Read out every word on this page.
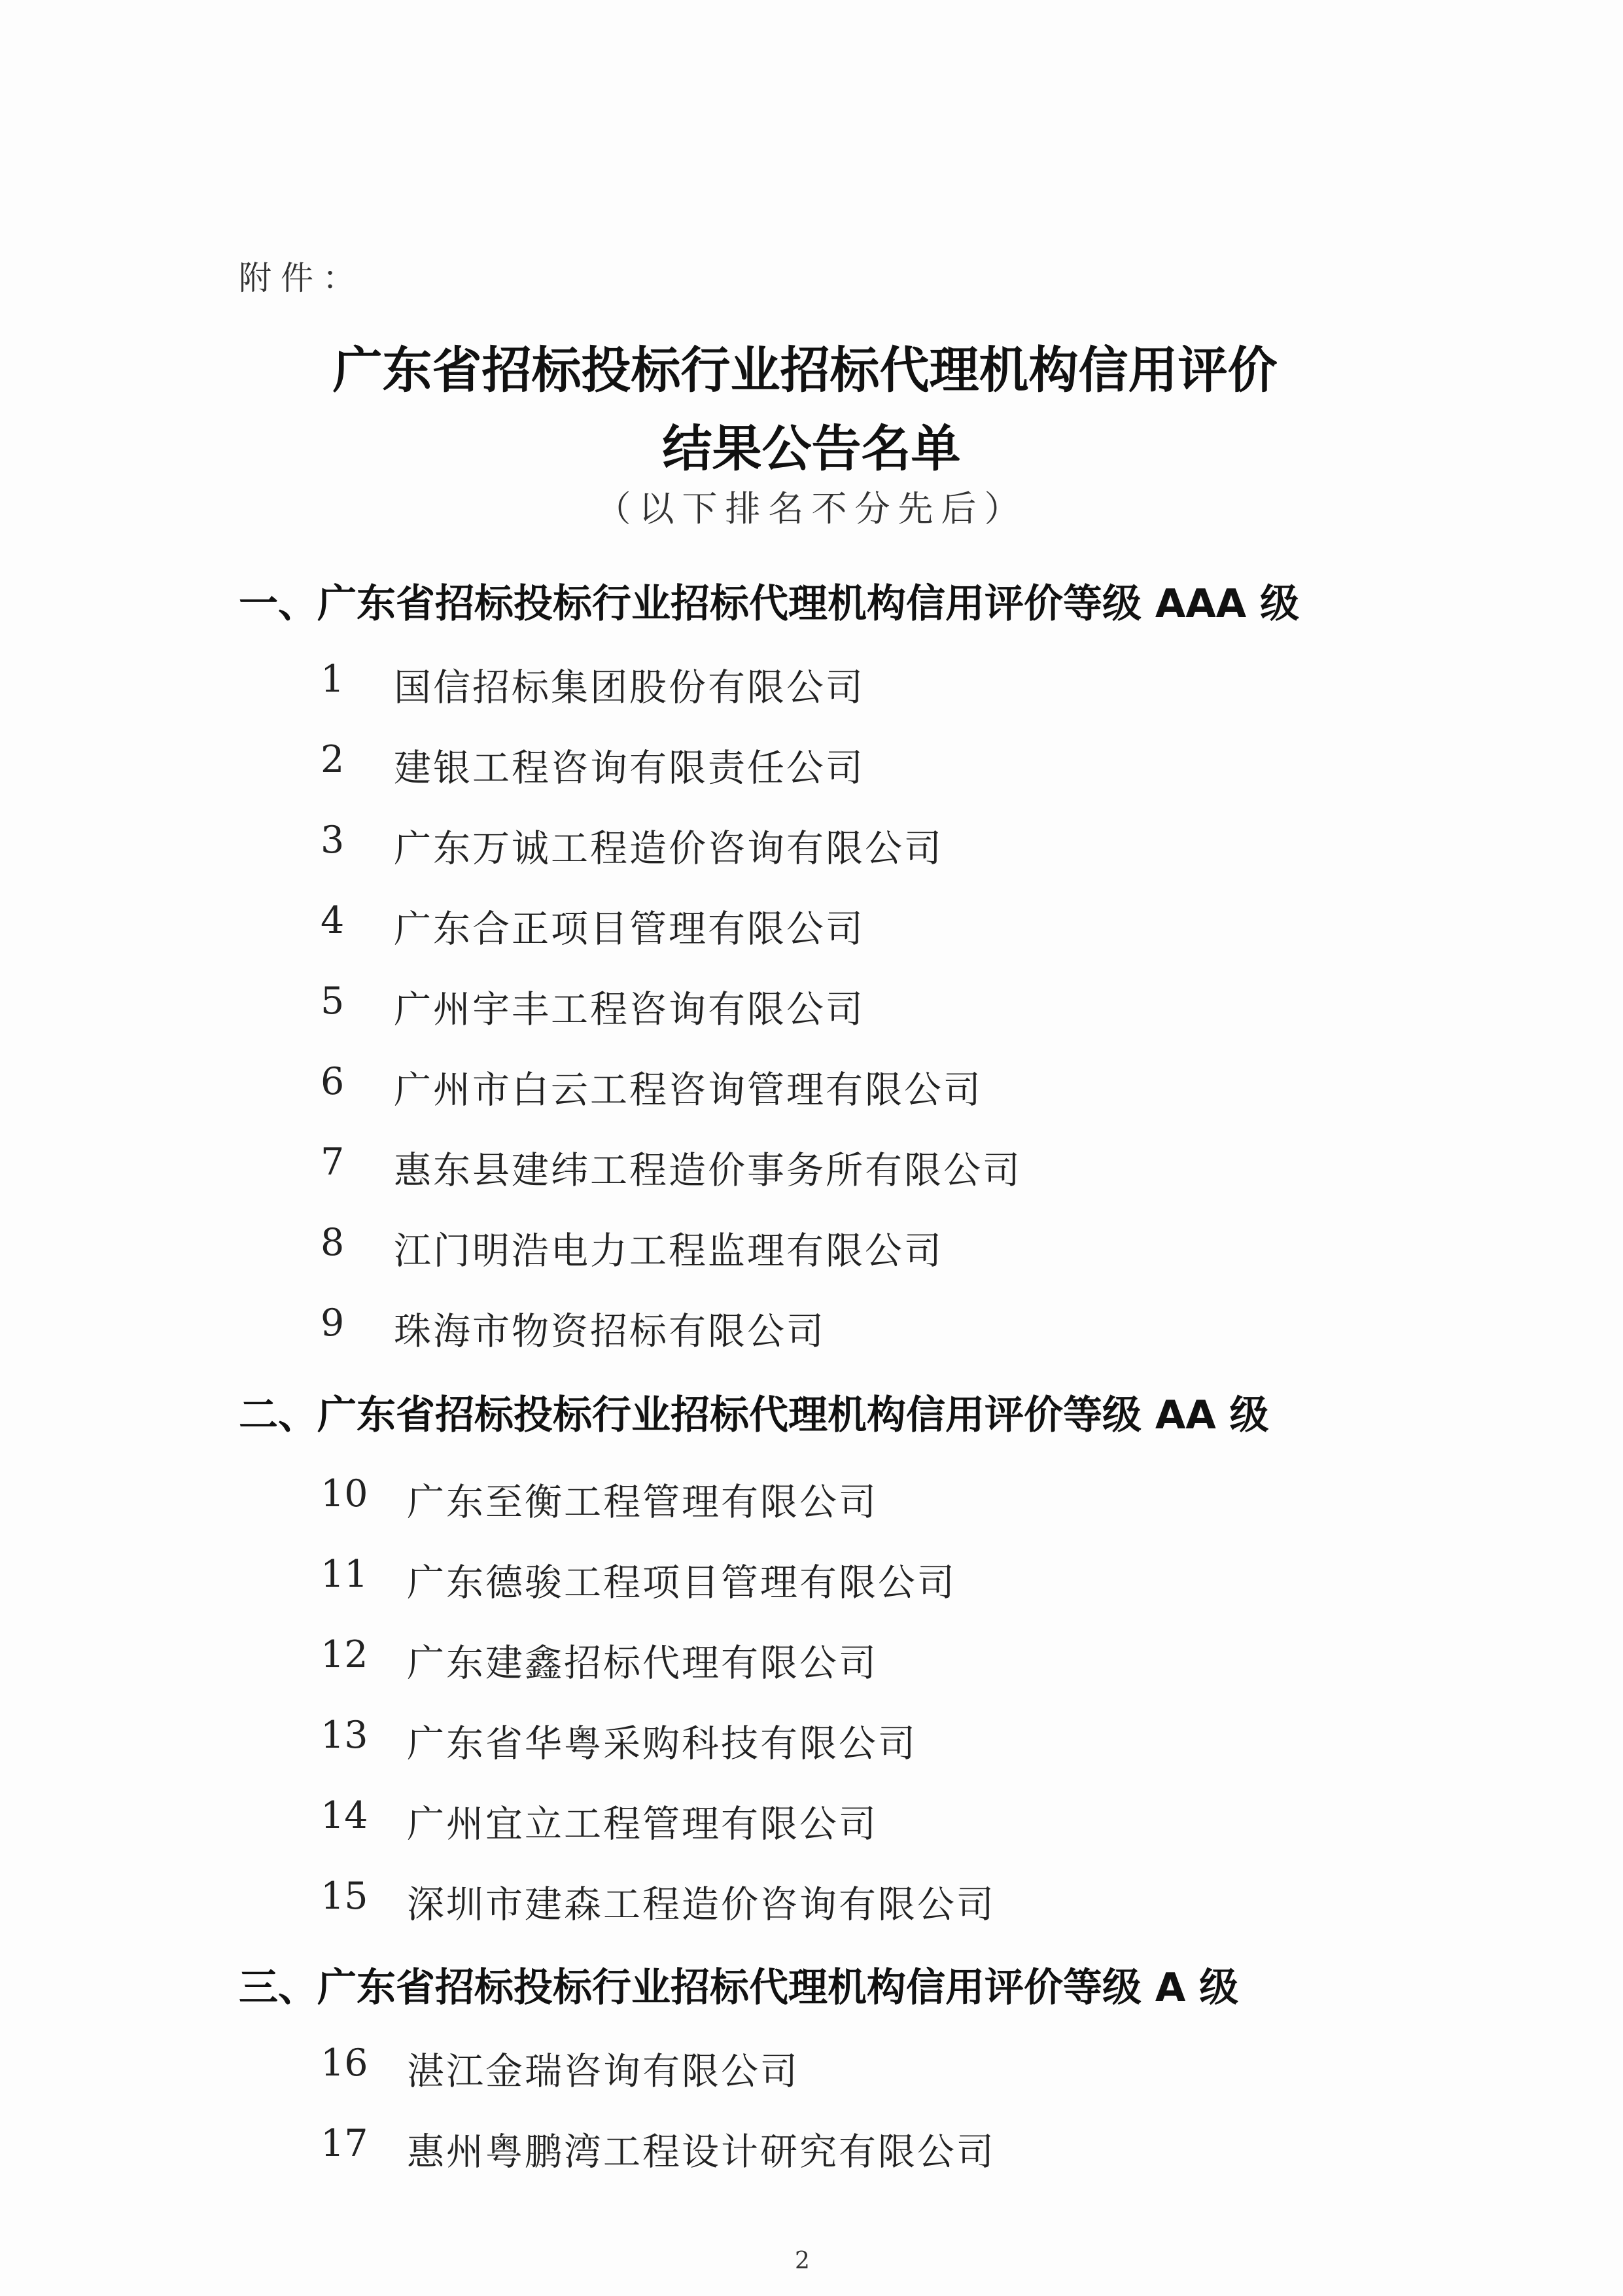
附件：
广东省招标投标行业招标代理机构信用评价
结果公告名单
（以下排名不分先后）
一、广东省招标投标行业招标代理机构信用评价等级 AAA 级
1 国信招标集团股份有限公司
2 建银工程咨询有限责任公司
3 广东万诚工程造价咨询有限公司
4 广东合正项目管理有限公司
5 广州宇丰工程咨询有限公司
6 广州市白云工程咨询管理有限公司
7 惠东县建纬工程造价事务所有限公司
8 江门明浩电力工程监理有限公司
9 珠海市物资招标有限公司
二、广东省招标投标行业招标代理机构信用评价等级 AA 级
10 广东至衡工程管理有限公司
11 广东德骏工程项目管理有限公司
12 广东建鑫招标代理有限公司
13 广东省华粤采购科技有限公司
14 广州宜立工程管理有限公司
15 深圳市建森工程造价咨询有限公司
三、广东省招标投标行业招标代理机构信用评价等级 A 级
16 湛江金瑞咨询有限公司
17 惠州粤鹏湾工程设计研究有限公司
2
